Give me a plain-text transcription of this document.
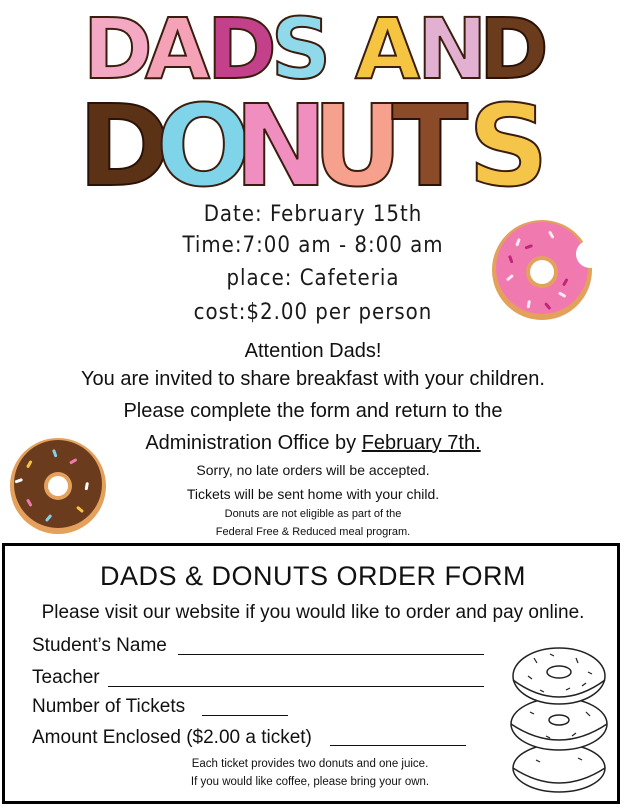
DADS AND
DONUTS
Date: February 15th
Time:7:00 am - 8:00 am
place: Cafeteria
cost:$2.00 per person
Attention Dads!
You are invited to share breakfast with your children.
Please complete the form and return to the
Administration Office by February 7th.
Sorry, no late orders will be accepted.
Tickets will be sent home with your child.
Donuts are not eligible as part of the
Federal Free & Reduced meal program.
DADS & DONUTS ORDER FORM
Please visit our website if you would like to order and pay online.
Student’s Name
Teacher
Number of Tickets
Amount Enclosed ($2.00 a ticket)
Each ticket provides two donuts and one juice.
If you would like coffee, please bring your own.
